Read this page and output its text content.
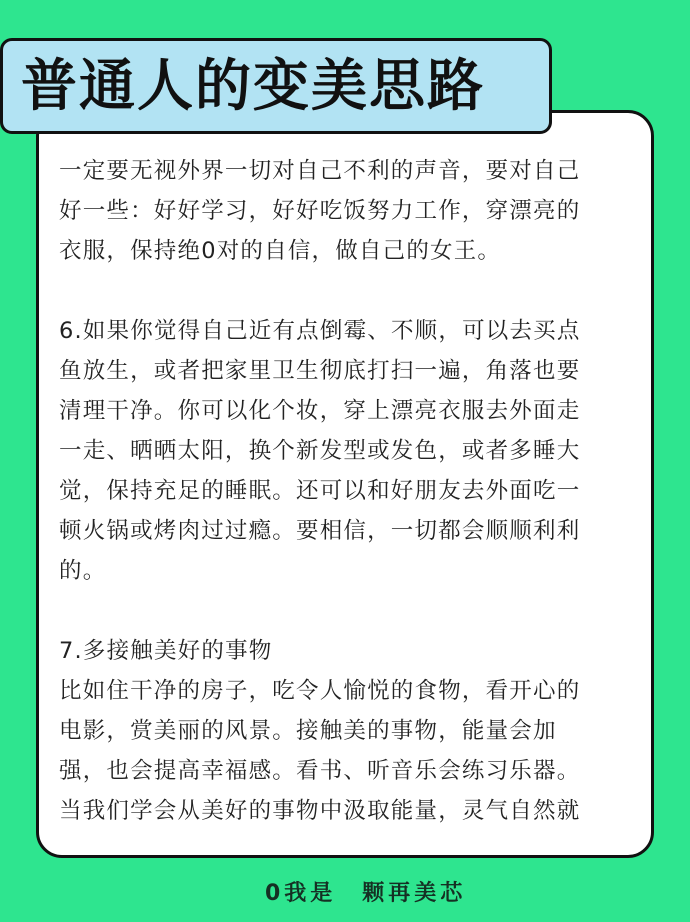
普通人的变美思路
一定要无视外界一切对自己不利的声音，要对自己
好一些：好好学习，好好吃饭努力工作，穿漂亮的
衣服，保持绝0对的自信，做自己的女王。
6.如果你觉得自己近有点倒霉、不顺，可以去买点
鱼放生，或者把家里卫生彻底打扫一遍，角落也要
清理干净。你可以化个妆，穿上漂亮衣服去外面走
一走、晒晒太阳，换个新发型或发色，或者多睡大
觉，保持充足的睡眠。还可以和好朋友去外面吃一
顿火锅或烤肉过过瘾。要相信，一切都会顺顺利利
的。
7.多接触美好的事物
比如住干净的房子，吃令人愉悦的食物，看开心的
电影，赏美丽的风景。接触美的事物，能量会加
强，也会提高幸福感。看书、听音乐会练习乐器。
当我们学会从美好的事物中汲取能量，灵气自然就
0我是　颗再美芯
